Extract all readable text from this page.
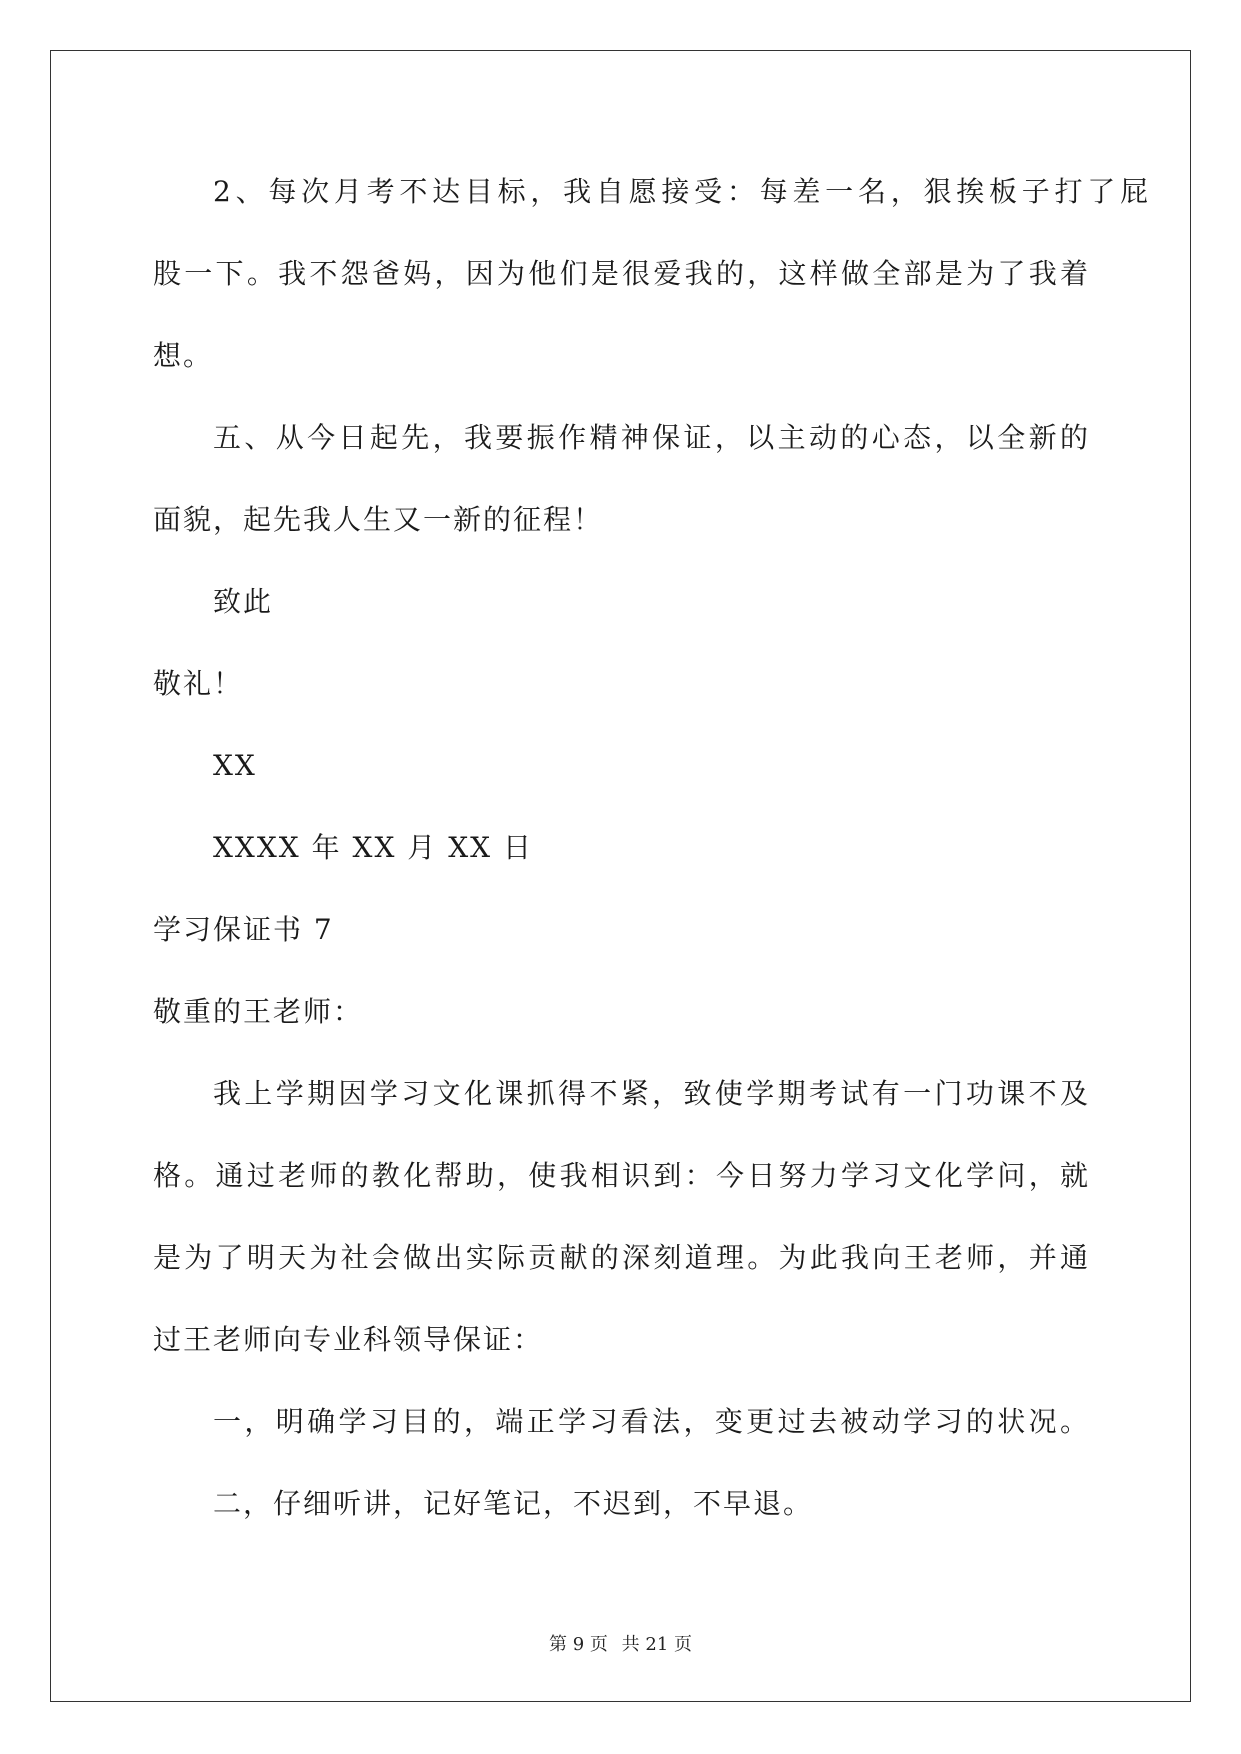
2、每次月考不达目标，我自愿接受：每差一名，狠挨板子打了屁
股一下。我不怨爸妈，因为他们是很爱我的，这样做全部是为了我着
想。
五、从今日起先，我要振作精神保证，以主动的心态，以全新的
面貌，起先我人生又一新的征程！
致此
敬礼！
XX
XXXX 年 XX 月 XX 日
学习保证书 7
敬重的王老师：
我上学期因学习文化课抓得不紧，致使学期考试有一门功课不及
格。通过老师的教化帮助，使我相识到：今日努力学习文化学问，就
是为了明天为社会做出实际贡献的深刻道理。为此我向王老师，并通
过王老师向专业科领导保证：
一，明确学习目的，端正学习看法，变更过去被动学习的状况。
二，仔细听讲，记好笔记，不迟到，不早退。
第 9 页 共 21 页
